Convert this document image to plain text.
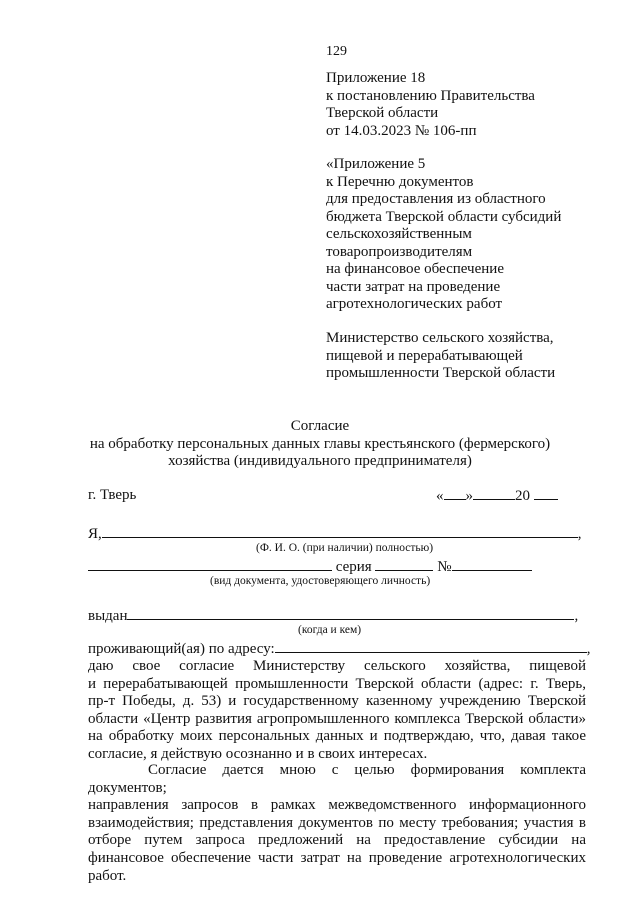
129
Приложение 18
к постановлению Правительства
Тверской области
от 14.03.2023 № 106-пп
«Приложение 5
к Перечню документов
для предоставления из областного
бюджета Тверской области субсидий
сельскохозяйственным
товаропроизводителям
на финансовое обеспечение
части затрат на проведение
агротехнологических работ
Министерство сельского хозяйства,
пищевой и перерабатывающей
промышленности Тверской области
Согласие
на обработку персональных данных главы крестьянского (фермерского)
хозяйства (индивидуального предпринимателя)
г. Тверь	« »	20
Я,	,
(Ф. И. О. (при наличии) полностью)
серия	№
(вид документа, удостоверяющего личность)
выдан	,
(когда и кем)
проживающий(ая) по адресу:	,
даю свое согласие Министерству сельского хозяйства, пищевой
и перерабатывающей промышленности Тверской области (адрес: г. Тверь,
пр-т Победы, д. 53) и государственному казенному учреждению Тверской
области «Центр развития агропромышленного комплекса Тверской области»
на обработку моих персональных данных и подтверждаю, что, давая такое
согласие, я действую осознанно и в своих интересах.
Согласие дается мною с целью формирования комплекта документов;
направления запросов в рамках межведомственного информационного
взаимодействия; представления документов по месту требования; участия в
отборе путем запроса предложений на предоставление субсидии на
финансовое обеспечение части затрат на проведение агротехнологических
работ.
